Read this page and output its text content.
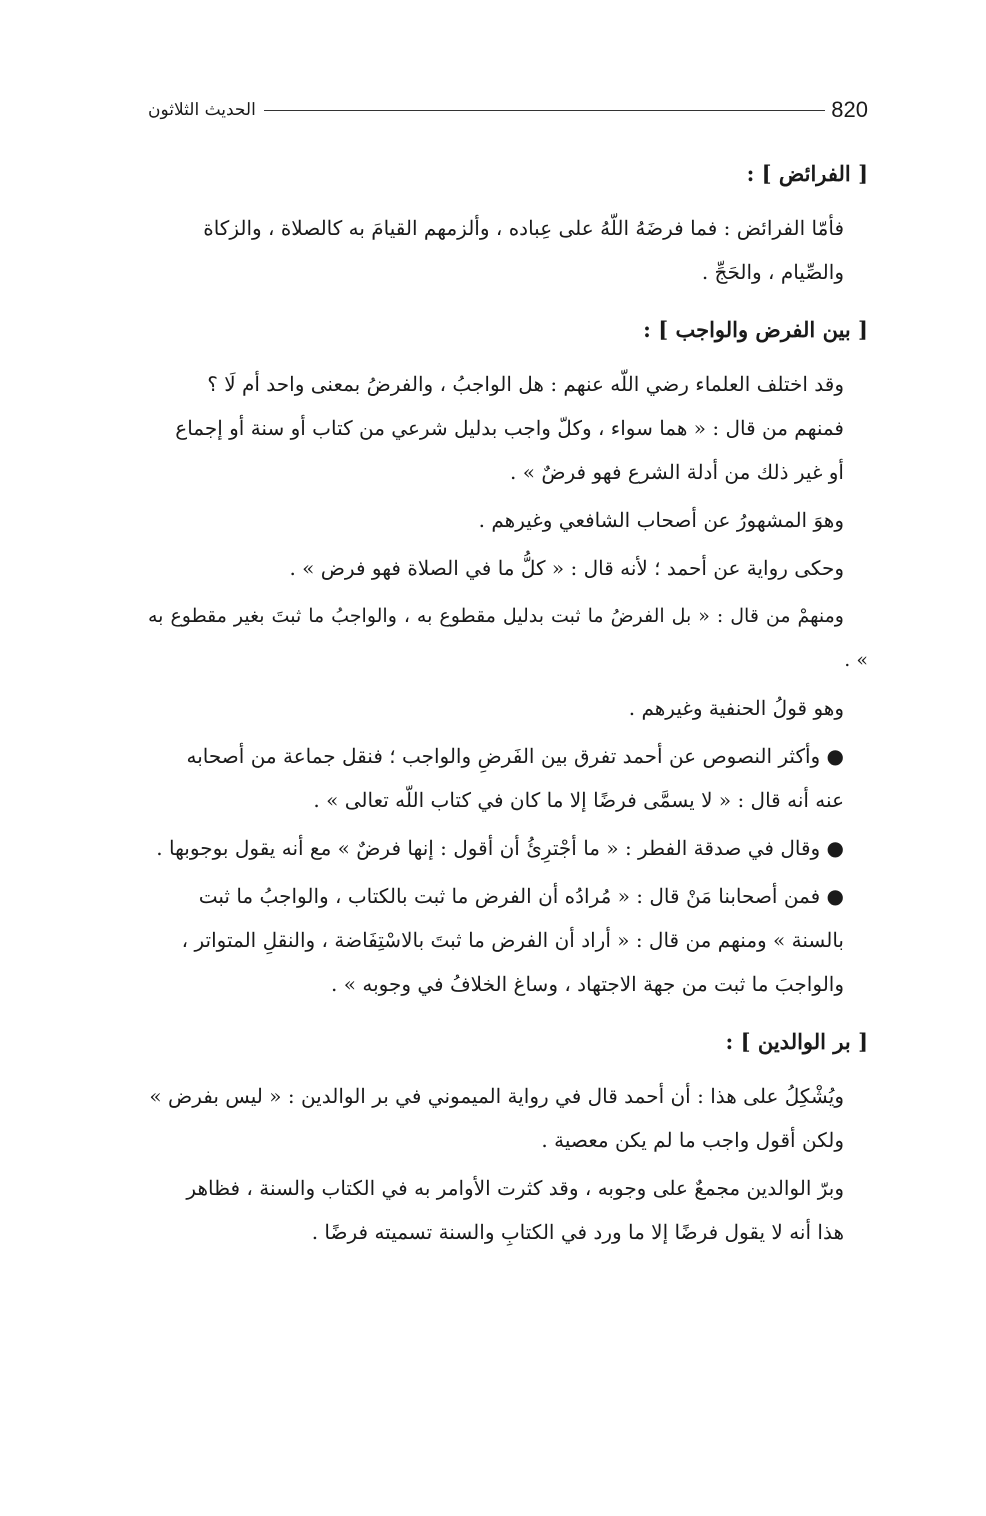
الحديث الثلاثون	820
[ الفرائض ] :

فأمّا الفرائض : فما فرضَهُ اللّهُ على عِباده ، وألزمهم القيامَ به كالصلاة ، والزكاة
والصِّيام ، والحَجِّ .

[ بين الفرض والواجب ] :

وقد اختلف العلماء رضي اللّه عنهم : هل الواجبُ ، والفرضُ بمعنى واحد أم لَا ؟
فمنهم من قال : « هما سواء ، وكلّ واجب بدليل شرعي من كتاب أو سنة أو إجماع
أو غير ذلك من أدلة الشرع فهو فرضٌ » .

وهوَ المشهورُ عن أصحاب الشافعي وغيرهم .

وحكى رواية عن أحمد ؛ لأنه قال : « كلُّ ما في الصلاة فهو فرض » .

ومنهمْ من قال : « بل الفرضُ ما ثبت بدليل مقطوع به ، والواجبُ ما ثبتَ بغير مقطوع به » .

وهو قولُ الحنفية وغيرهم .

● وأكثر النصوص عن أحمد تفرق بين الفَرضِ والواجب ؛ فنقل جماعة من أصحابه
عنه أنه قال : « لا يسمَّى فرضًا إلا ما كان في كتاب اللّه تعالى » .

● وقال في صدقة الفطر : « ما أجْترِئُ أن أقول : إنها فرضٌ » مع أنه يقول بوجوبها .

● فمن أصحابنا مَنْ قال : « مُرادُه أن الفرض ما ثبت بالكتاب ، والواجبُ ما ثبت
بالسنة » ومنهم من قال : « أراد أن الفرض ما ثبتَ بالاسْتِفَاضة ، والنقلِ المتواتر ،
والواجبَ ما ثبت من جهة الاجتهاد ، وساغ الخلافُ في وجوبه » .

[ بر الوالدين ] :

ويُشْكِلُ على هذا : أن أحمد قال في رواية الميموني في بر الوالدين : « ليس بفرض »
ولكن أقول واجب ما لم يكن معصية .

وبرّ الوالدين مجمعٌ على وجوبه ، وقد كثرت الأوامر به في الكتاب والسنة ، فظاهر
هذا أنه لا يقول فرضًا إلا ما ورد في الكتابِ والسنة تسميته فرضًا .
